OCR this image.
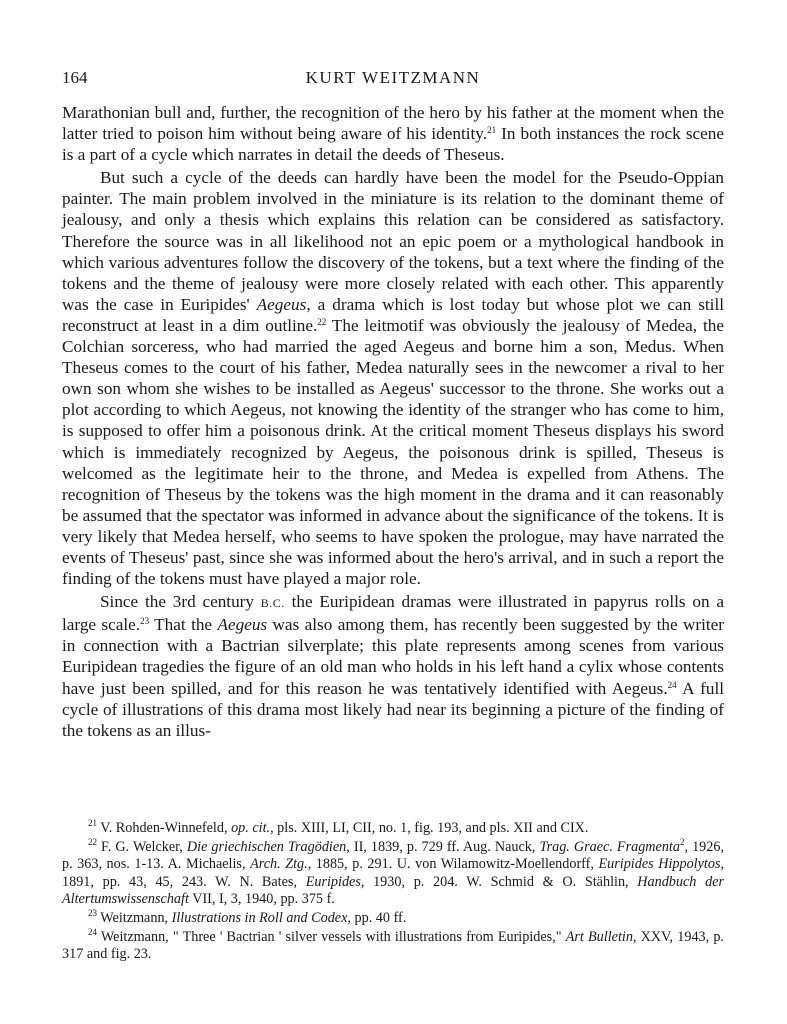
164	KURT WEITZMANN

Marathonian bull and, further, the recognition of the hero by his father at the moment when the latter tried to poison him without being aware of his identity.$^{21}$ In both instances the rock scene is a part of a cycle which narrates in detail the deeds of Theseus.

But such a cycle of the deeds can hardly have been the model for the Pseudo-Oppian painter. The main problem involved in the miniature is its relation to the dominant theme of jealousy, and only a thesis which explains this relation can be considered as satisfactory. Therefore the source was in all likelihood not an epic poem or a mythological handbook in which various adventures follow the discovery of the tokens, but a text where the finding of the tokens and the theme of jealousy were more closely related with each other. This apparently was the case in Euripides' Aegeus, a drama which is lost today but whose plot we can still reconstruct at least in a dim outline.$^{22}$ The leitmotif was obviously the jealousy of Medea, the Colchian sorceress, who had married the aged Aegeus and borne him a son, Medus. When Theseus comes to the court of his father, Medea naturally sees in the newcomer a rival to her own son whom she wishes to be installed as Aegeus' successor to the throne. She works out a plot according to which Aegeus, not knowing the identity of the stranger who has come to him, is supposed to offer him a poisonous drink. At the critical moment Theseus displays his sword which is immediately recognized by Aegeus, the poisonous drink is spilled, Theseus is welcomed as the legitimate heir to the throne, and Medea is expelled from Athens. The recognition of Theseus by the tokens was the high moment in the drama and it can reasonably be assumed that the spectator was informed in advance about the significance of the tokens. It is very likely that Medea herself, who seems to have spoken the prologue, may have narrated the events of Theseus' past, since she was informed about the hero's arrival, and in such a report the finding of the tokens must have played a major role.

Since the 3rd century B.C. the Euripidean dramas were illustrated in papyrus rolls on a large scale.$^{23}$ That the Aegeus was also among them, has recently been suggested by the writer in connection with a Bactrian silverplate; this plate represents among scenes from various Euripidean tragedies the figure of an old man who holds in his left hand a cylix whose contents have just been spilled, and for this reason he was tentatively identified with Aegeus.$^{24}$ A full cycle of illustrations of this drama most likely had near its beginning a picture of the finding of the tokens as an illus-

$^{21}$ V. Rohden-Winnefeld, op. cit., pls. XIII, LI, CII, no. 1, fig. 193, and pls. XII and CIX.

$^{22}$ F. G. Welcker, Die griechischen Tragödien, II, 1839, p. 729 ff. Aug. Nauck, Trag. Graec. Fragmenta$^2$, 1926, p. 363, nos. 1-13. A. Michaelis, Arch. Ztg., 1885, p. 291. U. von Wilamowitz-Moellendorff, Euripides Hippolytos, 1891, pp. 43, 45, 243. W. N. Bates, Euripides, 1930, p. 204. W. Schmid & O. Stählin, Handbuch der Altertumswissenschaft VII, I, 3, 1940, pp. 375 f.

$^{23}$ Weitzmann, Illustrations in Roll and Codex, pp. 40 ff.

$^{24}$ Weitzmann, " Three ' Bactrian ' silver vessels with illustrations from Euripides," Art Bulletin, XXV, 1943, p. 317 and fig. 23.
